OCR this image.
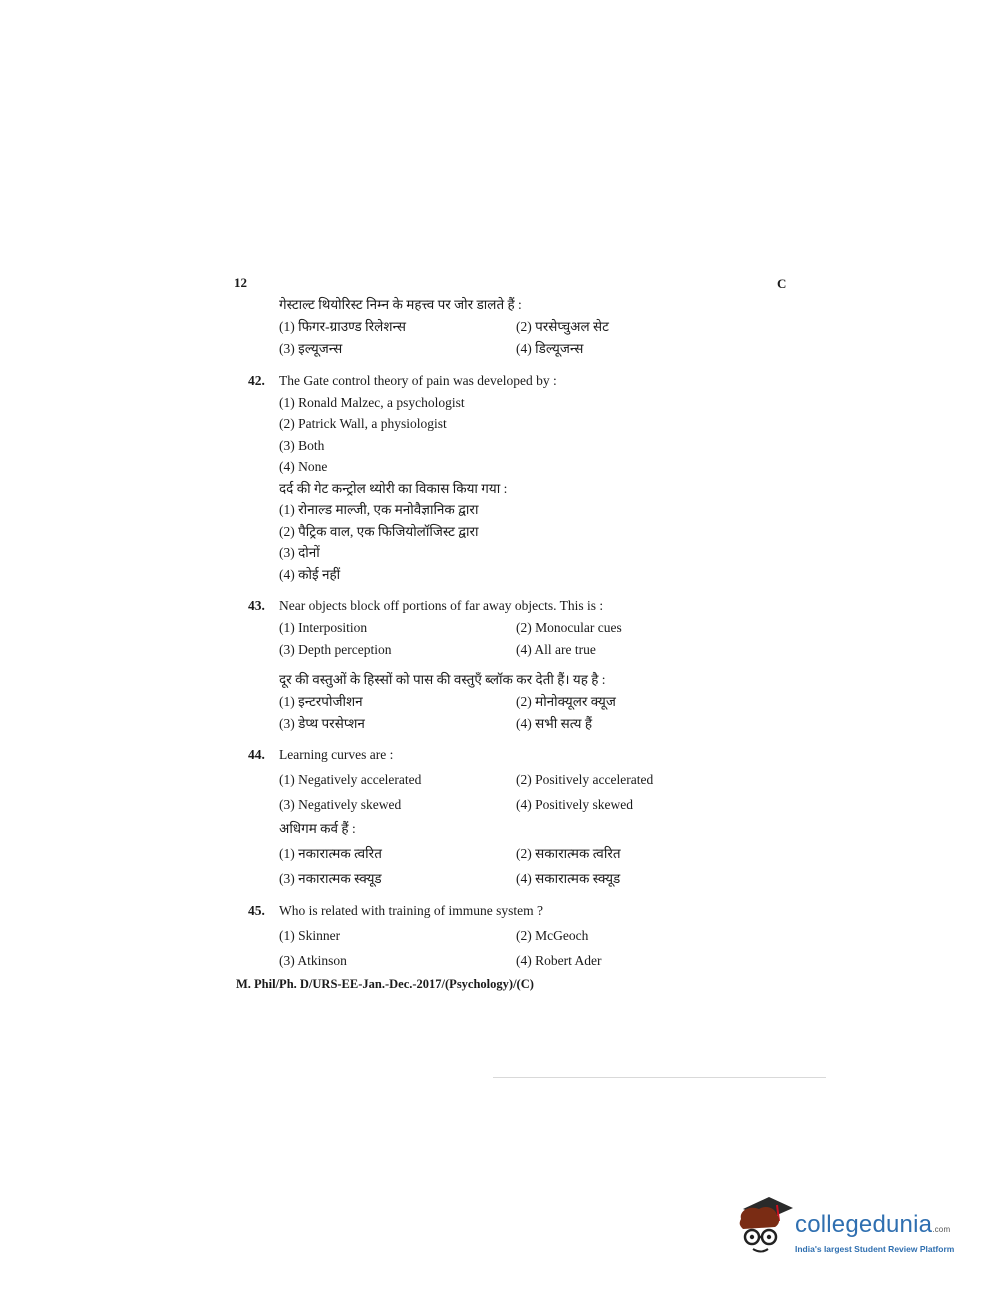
12	C
गेस्टाल्ट थियोरिस्ट निम्न के महत्त्व पर जोर डालते हैं :
(1) फिगर-ग्राउण्ड रिलेशन्स	(2) परसेप्चुअल सेट
(3) इल्यूजन्स	(4) डिल्यूजन्स
42. The Gate control theory of pain was developed by :
(1) Ronald Malzec, a psychologist
(2) Patrick Wall, a physiologist
(3) Both
(4) None
दर्द की गेट कन्ट्रोल थ्योरी का विकास किया गया :
(1) रोनाल्ड माल्जी, एक मनोवैज्ञानिक द्वारा
(2) पैट्रिक वाल, एक फिजियोलॉजिस्ट द्वारा
(3) दोनों
(4) कोई नहीं
43. Near objects block off portions of far away objects. This is :
(1) Interposition	(2) Monocular cues
(3) Depth perception	(4) All are true
दूर की वस्तुओं के हिस्सों को पास की वस्तुएँ ब्लॉक कर देती हैं। यह है :
(1) इन्टरपोजीशन	(2) मोनोक्यूलर क्यूज
(3) डेप्थ परसेप्शन	(4) सभी सत्य हैं
44. Learning curves are :
(1) Negatively accelerated	(2) Positively accelerated
(3) Negatively skewed	(4) Positively skewed
अधिगम कर्व हैं :
(1) नकारात्मक त्वरित	(2) सकारात्मक त्वरित
(3) नकारात्मक स्क्यूड	(4) सकारात्मक स्क्यूड
45. Who is related with training of immune system ?
(1) Skinner	(2) McGeoch
(3) Atkinson	(4) Robert Ader
M. Phil/Ph. D/URS-EE-Jan.-Dec.-2017/(Psychology)/(C)
collegedunia.com
India's largest Student Review Platform
